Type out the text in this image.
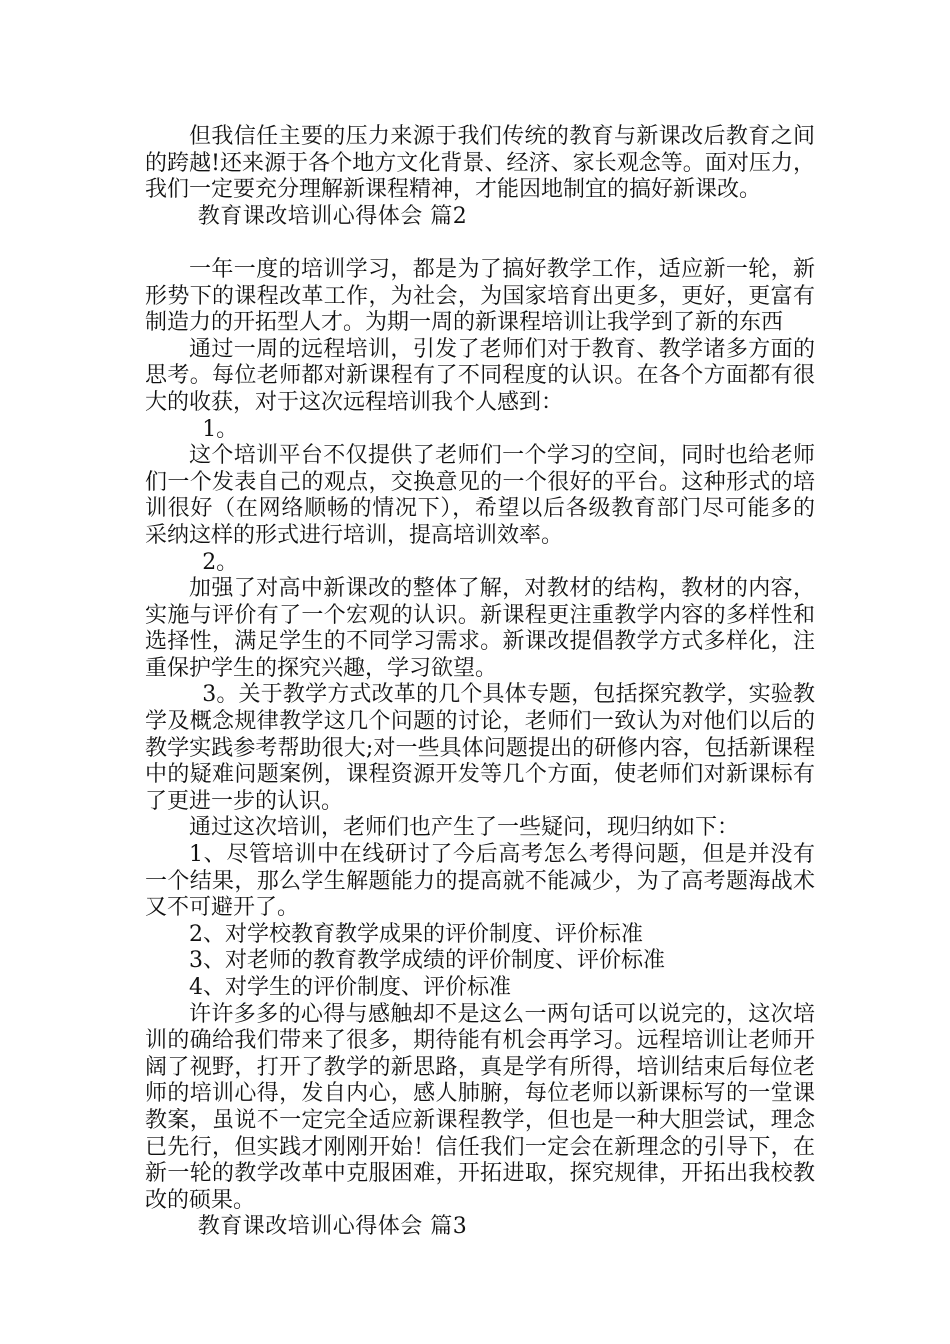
但我信任主要的压力来源于我们传统的教育与新课改后教育之间的跨越!还来源于各个地方文化背景、经济、家长观念等。面对压力，我们一定要充分理解新课程精神，才能因地制宜的搞好新课改。

教育课改培训心得体会 篇2

一年一度的培训学习，都是为了搞好教学工作，适应新一轮，新形势下的课程改革工作，为社会，为国家培育出更多，更好，更富有制造力的开拓型人才。为期一周的新课程培训让我学到了新的东西

通过一周的远程培训，引发了老师们对于教育、教学诸多方面的思考。每位老师都对新课程有了不同程度的认识。在各个方面都有很大的收获，对于这次远程培训我个人感到：

1。

这个培训平台不仅提供了老师们一个学习的空间，同时也给老师们一个发表自己的观点，交换意见的一个很好的平台。这种形式的培训很好（在网络顺畅的情况下），希望以后各级教育部门尽可能多的采纳这样的形式进行培训，提高培训效率。

2。

加强了对高中新课改的整体了解，对教材的结构，教材的内容，实施与评价有了一个宏观的认识。新课程更注重教学内容的多样性和选择性，满足学生的不同学习需求。新课改提倡教学方式多样化，注重保护学生的探究兴趣，学习欲望。

3。关于教学方式改革的几个具体专题，包括探究教学，实验教学及概念规律教学这几个问题的讨论，老师们一致认为对他们以后的教学实践参考帮助很大;对一些具体问题提出的研修内容，包括新课程中的疑难问题案例，课程资源开发等几个方面，使老师们对新课标有了更进一步的认识。

通过这次培训，老师们也产生了一些疑问，现归纳如下：

1、尽管培训中在线研讨了今后高考怎么考得问题，但是并没有一个结果，那么学生解题能力的提高就不能减少，为了高考题海战术又不可避开了。

2、对学校教育教学成果的评价制度、评价标准

3、对老师的教育教学成绩的评价制度、评价标准

4、对学生的评价制度、评价标准

许许多多的心得与感触却不是这么一两句话可以说完的，这次培训的确给我们带来了很多，期待能有机会再学习。远程培训让老师开阔了视野，打开了教学的新思路，真是学有所得，培训结束后每位老师的培训心得，发自内心，感人肺腑，每位老师以新课标写的一堂课教案，虽说不一定完全适应新课程教学，但也是一种大胆尝试，理念已先行，但实践才刚刚开始！信任我们一定会在新理念的引导下，在新一轮的教学改革中克服困难，开拓进取，探究规律，开拓出我校教改的硕果。

教育课改培训心得体会 篇3
